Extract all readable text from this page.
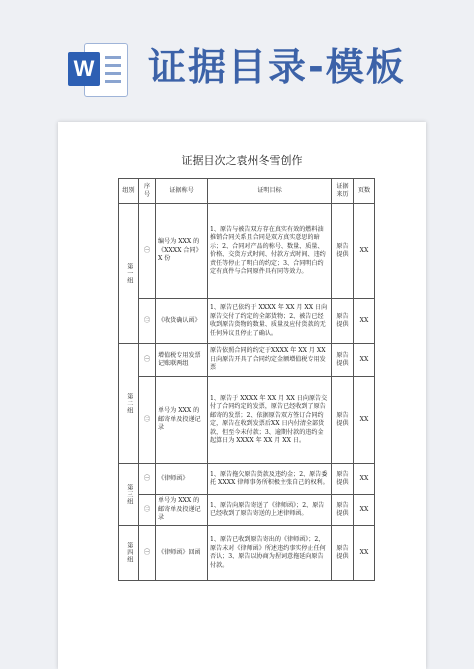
W 证据目录-模板
证据目次之袁州冬雪创作
组别	序号	证据称号	证明目标	证据来历	页数
第一组	㊀	编号为 XXX 的《XXXX 合同》X 份	1、原告与被告双方存在真实有效的燃料油推销合同关系且合同是双方真实意思的暗示；2、合同对产品的称号、数量、质量、价格、交货方式时间、付款方式时间、违约责任等停止了明白的约定；3、合同明白约定有真件与合同原件具有同等效力。	原告提供	XX
	㊁	《收货确认函》	1、原告已依约于 XXXX 年 XX 月 XX 日向原告交付了约定的全部货物；2、被告已经收到原告货物的数量、质量及应付货款的无任何异议且停止了确认。	原告提供	XX
第二组	㊀	增值税专用发票记账联两组	原告依照合同的约定于XXXX 年 XX 月 XX 日向原告开具了合同约定金额增值税专用发票	原告提供	XX
	㊁	单号为 XXX 的邮寄单及投递记录	1、原告于 XXXX 年 XX 月 XX 日向原告交付了合同约定的发票，原告已经收到了原告邮寄的发票；2、依据原告双方签订合同约定，原告在收到发票后XX 日内付清全部货款，但至今未付款；3、逾期付款的违约金起算日为 XXXX 年 XX 月 XX 日。	原告提供	XX
第三组	㊀	《律师函》	1、原告拖欠原告货款及违约金；2、原告委托 XXXX 律师事务所积极主张自己的权利。	原告提供	XX
	㊁	单号为 XXX 的邮寄单及投递记录	1、原告向原告寄送了《律师函》；2、原告已经收到了原告寄送的上述律师函。	原告提供	XX
第四组	㊀	《律师函》回函	1、原告已收到原告寄出的《律师函》；2、原告未对《律师函》所述违约事实停止任何否认；3、原告以协商为捏词意拖延向原告付款。	原告提供	XX
